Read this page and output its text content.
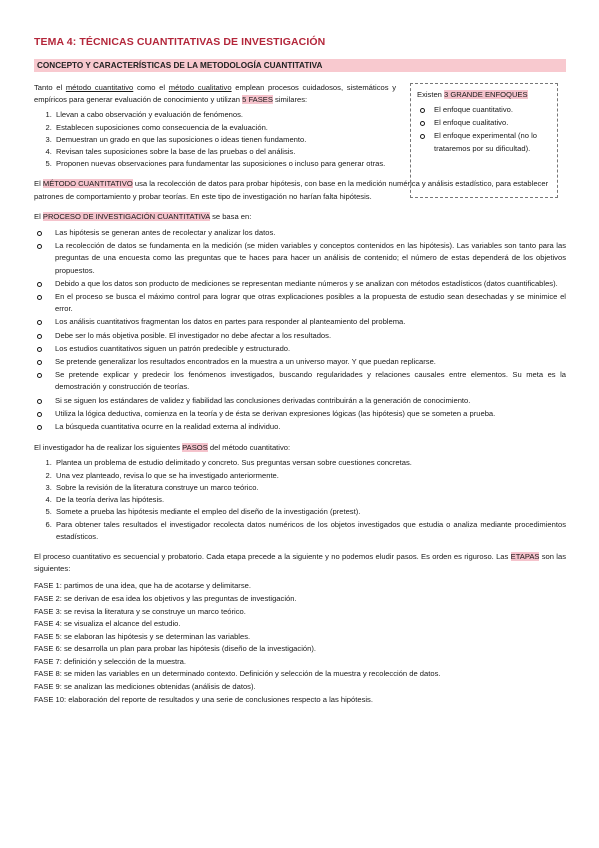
TEMA 4: TÉCNICAS CUANTITATIVAS DE INVESTIGACIÓN
CONCEPTO Y CARACTERÍSTICAS DE LA METODOLOGÍA CUANTITATIVA

Tanto el método cuantitativo como el método cualitativo emplean procesos cuidadosos, sistemáticos y empíricos para generar evaluación de conocimiento y utilizan 5 FASES similares:

1. Llevan a cabo observación y evaluación de fenómenos.
2. Establecen suposiciones como consecuencia de la evaluación.
3. Demuestran un grado en que las suposiciones o ideas tienen fundamento.
4. Revisan tales suposiciones sobre la base de las pruebas o del análisis.
5. Proponen nuevas observaciones para fundamentar las suposiciones o incluso para generar otras.

Existen 3 GRANDE ENFOQUES

El enfoque cuantitativo.
El enfoque cualitativo.
El enfoque experimental (no lo trataremos por su dificultad).

El MÉTODO CUANTITATIVO usa la recolección de datos para probar hipótesis, con base en la medición numérica y análisis estadístico, para establecer patrones de comportamiento y probar teorías. En este tipo de investigación no harían falta hipótesis.

El PROCESO DE INVESTIGACIÓN CUANTITATIVA se basa en:

Las hipótesis se generan antes de recolectar y analizar los datos.
La recolección de datos se fundamenta en la medición (se miden variables y conceptos contenidos en las hipótesis). Las variables son tanto para las preguntas de una encuesta como las preguntas que te haces para hacer un análisis de contenido; el número de estas dependerá de los objetivos propuestos.
Debido a que los datos son producto de mediciones se representan mediante números y se analizan con métodos estadísticos (datos cuantificables).
En el proceso se busca el máximo control para lograr que otras explicaciones posibles a la propuesta de estudio sean desechadas y se minimice el error.
Los análisis cuantitativos fragmentan los datos en partes para responder al planteamiento del problema.
Debe ser lo más objetiva posible. El investigador no debe afectar a los resultados.
Los estudios cuantitativos siguen un patrón predecible y estructurado.
Se pretende generalizar los resultados encontrados en la muestra a un universo mayor. Y que puedan replicarse.
Se pretende explicar y predecir los fenómenos investigados, buscando regularidades y relaciones causales entre elementos. Su meta es la demostración y construcción de teorías.
Si se siguen los estándares de validez y fiabilidad las conclusiones derivadas contribuirán a la generación de conocimiento.
Utiliza la lógica deductiva, comienza en la teoría y de ésta se derivan expresiones lógicas (las hipótesis) que se someten a prueba.
La búsqueda cuantitativa ocurre en la realidad externa al individuo.

El investigador ha de realizar los siguientes PASOS del método cuantitativo:

1. Plantea un problema de estudio delimitado y concreto. Sus preguntas versan sobre cuestiones concretas.
2. Una vez planteado, revisa lo que se ha investigado anteriormente.
3. Sobre la revisión de la literatura construye un marco teórico.
4. De la teoría deriva las hipótesis.
5. Somete a prueba las hipótesis mediante el empleo del diseño de la investigación (pretest).
6. Para obtener tales resultados el investigador recolecta datos numéricos de los objetos investigados que estudia o analiza mediante procedimientos estadísticos.

El proceso cuantitativo es secuencial y probatorio. Cada etapa precede a la siguiente y no podemos eludir pasos. Es orden es riguroso. Las ETAPAS son las siguientes:

FASE 1: partimos de una idea, que ha de acotarse y delimitarse.

FASE 2: se derivan de esa idea los objetivos y las preguntas de investigación.

FASE 3: se revisa la literatura y se construye un marco teórico.

FASE 4: se visualiza el alcance del estudio.

FASE 5: se elaboran las hipótesis y se determinan las variables.

FASE 6: se desarrolla un plan para probar las hipótesis (diseño de la investigación).

FASE 7: definición y selección de la muestra.

FASE 8: se miden las variables en un determinado contexto. Definición y selección de la muestra y recolección de datos.

FASE 9: se analizan las mediciones obtenidas (análisis de datos).

FASE 10: elaboración del reporte de resultados y una serie de conclusiones respecto a las hipótesis.
